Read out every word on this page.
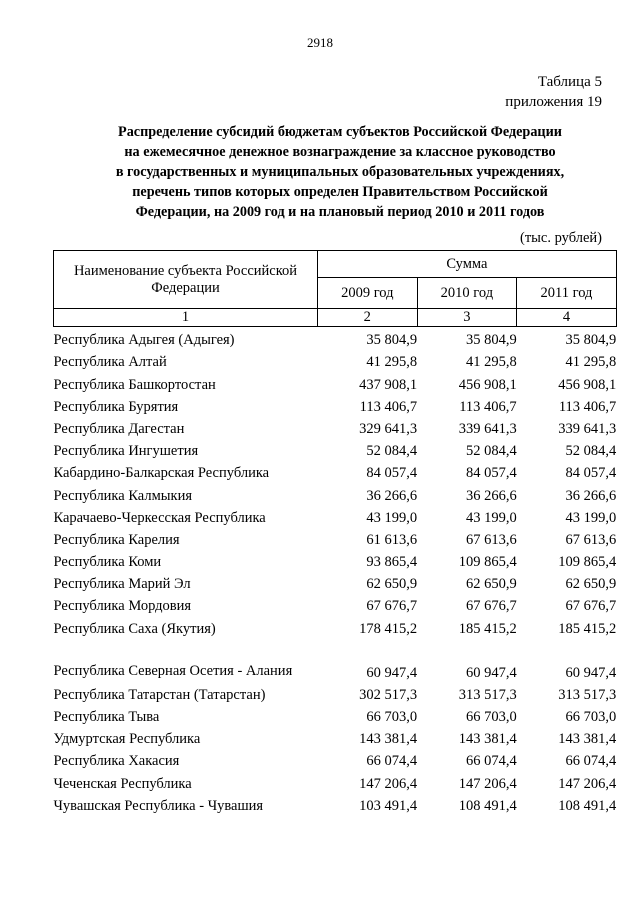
2918
Таблица 5
приложения 19
Распределение субсидий бюджетам субъектов Российской Федерации
на ежемесячное денежное вознаграждение за классное руководство
в государственных и муниципальных образовательных учреждениях,
перечень типов которых определен Правительством Российской
Федерации, на 2009 год и на плановый период 2010 и 2011 годов
(тыс. рублей)
Наименование субъекта Российской Федерации	Сумма		
	2009 год	2010 год	2011 год
1	2	3	4
Республика Адыгея (Адыгея)	35 804,9	35 804,9	35 804,9
Республика Алтай	41 295,8	41 295,8	41 295,8
Республика Башкортостан	437 908,1	456 908,1	456 908,1
Республика Бурятия	113 406,7	113 406,7	113 406,7
Республика Дагестан	329 641,3	339 641,3	339 641,3
Республика Ингушетия	52 084,4	52 084,4	52 084,4
Кабардино-Балкарская Республика	84 057,4	84 057,4	84 057,4
Республика Калмыкия	36 266,6	36 266,6	36 266,6
Карачаево-Черкесская Республика	43 199,0	43 199,0	43 199,0
Республика Карелия	61 613,6	67 613,6	67 613,6
Республика Коми	93 865,4	109 865,4	109 865,4
Республика Марий Эл	62 650,9	62 650,9	62 650,9
Республика Мордовия	67 676,7	67 676,7	67 676,7
Республика Саха (Якутия)	178 415,2	185 415,2	185 415,2
Республика Северная Осетия - Алания	60 947,4	60 947,4	60 947,4
Республика Татарстан (Татарстан)	302 517,3	313 517,3	313 517,3
Республика Тыва	66 703,0	66 703,0	66 703,0
Удмуртская Республика	143 381,4	143 381,4	143 381,4
Республика Хакасия	66 074,4	66 074,4	66 074,4
Чеченская Республика	147 206,4	147 206,4	147 206,4
Чувашская Республика - Чувашия	103 491,4	108 491,4	108 491,4
